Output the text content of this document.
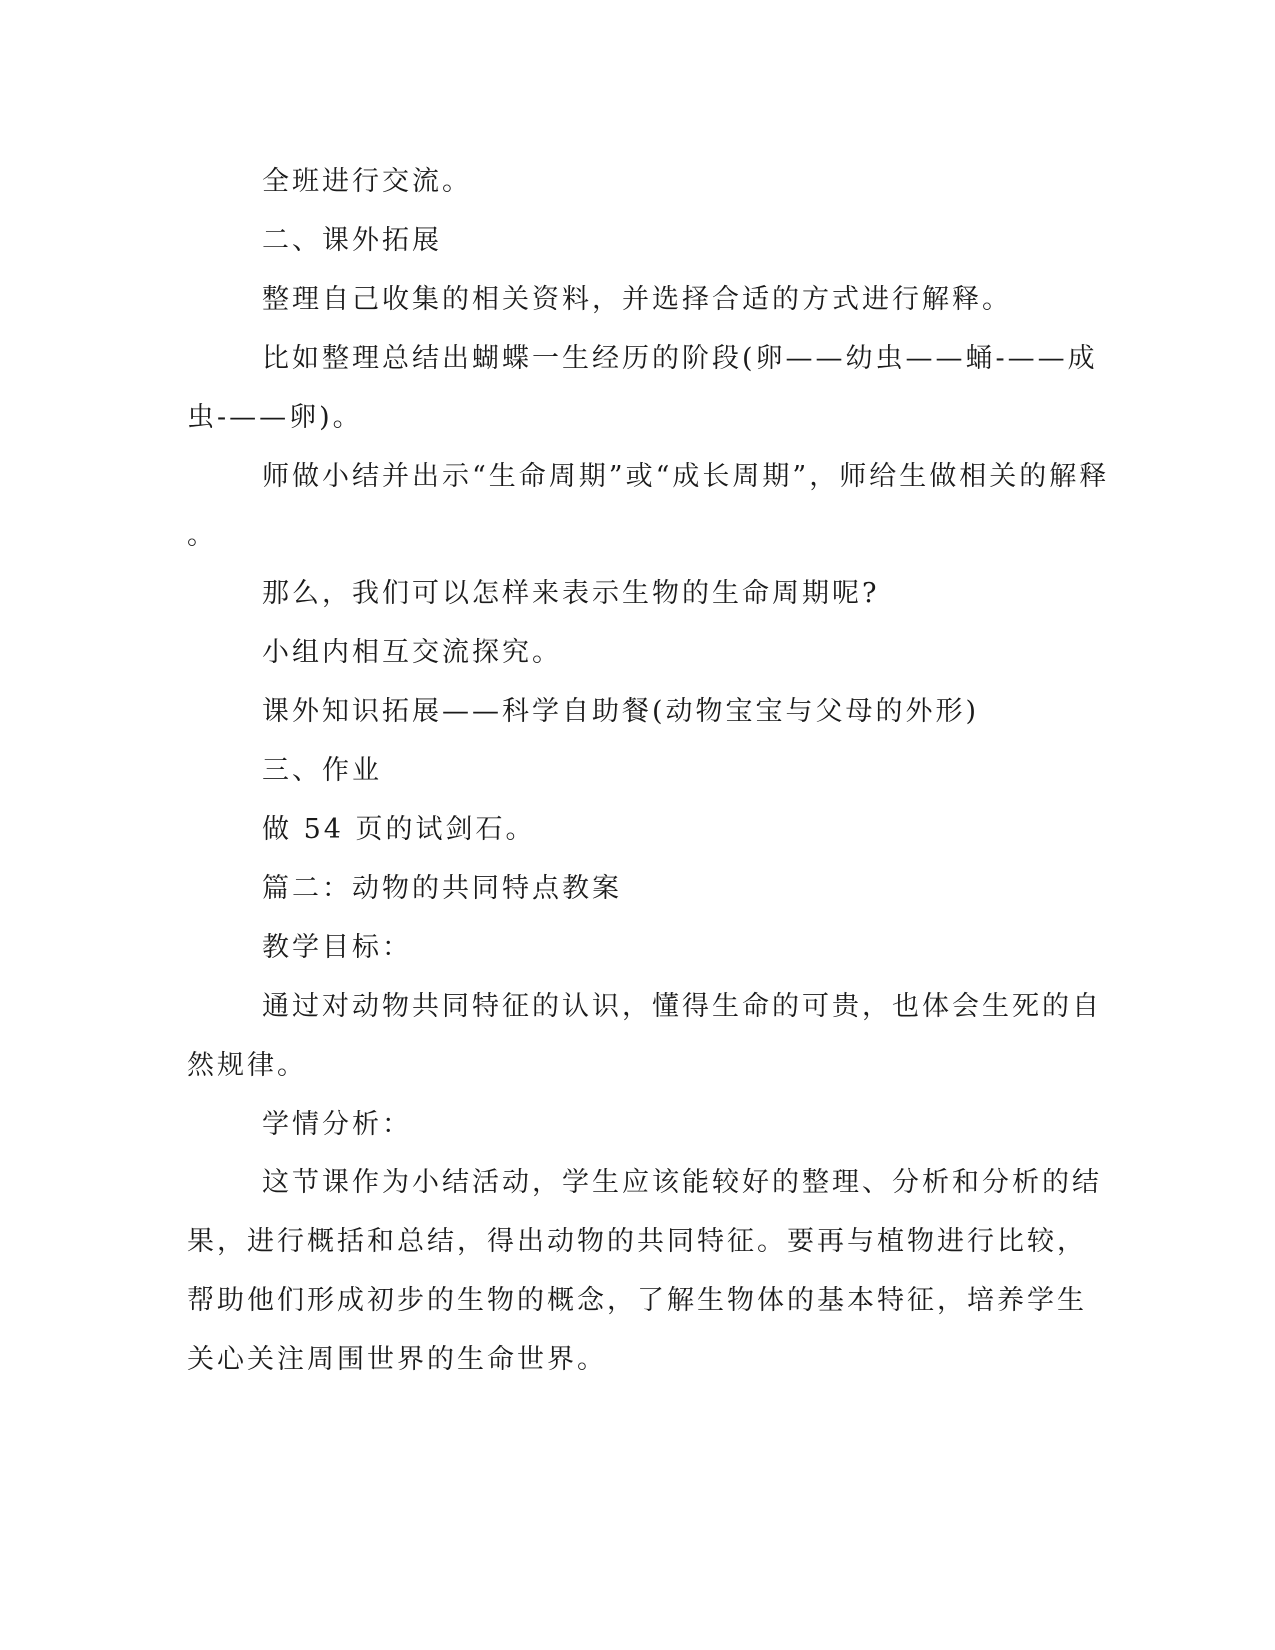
全班进行交流。
二、课外拓展
整理自己收集的相关资料，并选择合适的方式进行解释。
比如整理总结出蝴蝶一生经历的阶段(卵——幼虫——蛹-——成
虫-——卵)。
师做小结并出示“生命周期”或“成长周期”，师给生做相关的解释
。
那么，我们可以怎样来表示生物的生命周期呢?
小组内相互交流探究。
课外知识拓展——科学自助餐(动物宝宝与父母的外形)
三、作业
做 54 页的试剑石。
篇二：动物的共同特点教案
教学目标：
通过对动物共同特征的认识，懂得生命的可贵，也体会生死的自
然规律。
学情分析：
这节课作为小结活动，学生应该能较好的整理、分析和分析的结
果，进行概括和总结，得出动物的共同特征。要再与植物进行比较，
帮助他们形成初步的生物的概念，了解生物体的基本特征，培养学生
关心关注周围世界的生命世界。
